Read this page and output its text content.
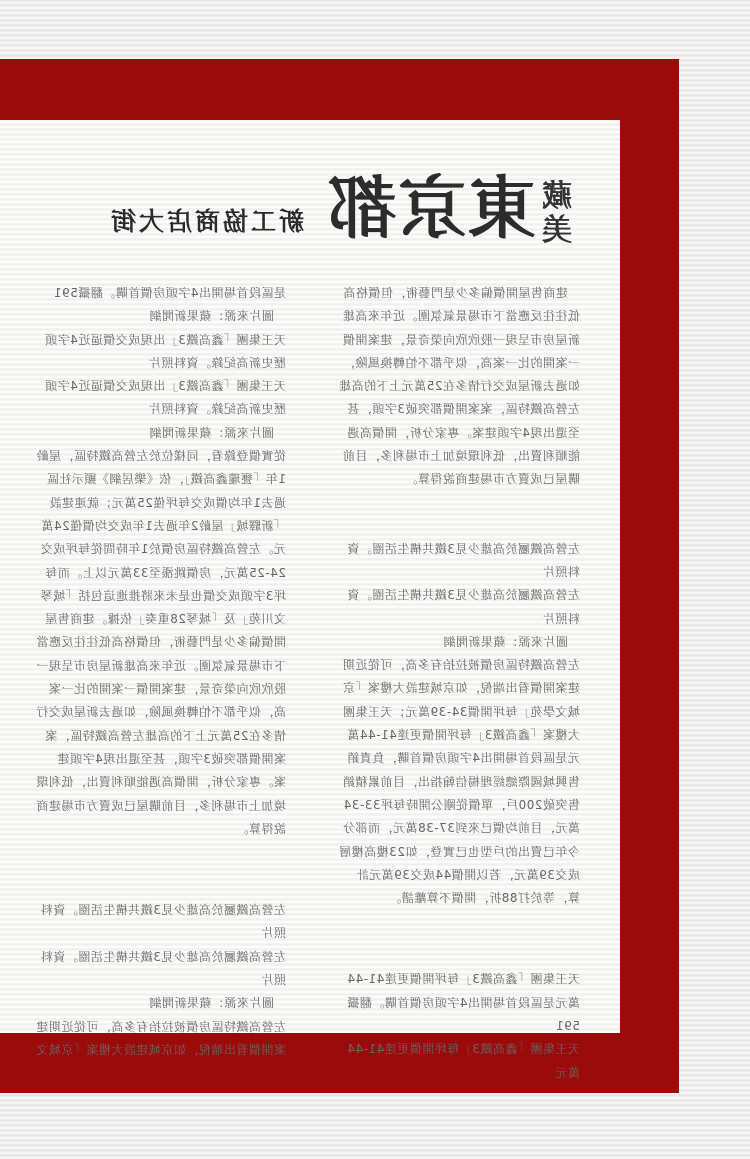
藏
美
東京都
新工協商店大街

建商售屋開價偏多少是門藝術，但價格高低往往反應當下市場景氣氛圍。近年來高雄新屋房市呈現一股欣欣向榮奇景，建案開價一案開的比一案高，似乎都不怕轉換風險，如過去新屋成交行情多在25萬元上下的高雄左營高鐵特區，案案開價都突破3字頭，甚至還出現4字頭建案。專家分析，開價高遇能順利賣出，低利環境加上市場利多，目前購屋已成賣方市場建商說得算。

左營高鐵屬於高雄少見3鐵共構生活圈。資料照片

左營高鐵屬於高雄少見3鐵共構生活圈。資料照片

圖片來源：蘋果新聞網

左營高鐵特區房價被拉抬有多高，可從近期建案開價看出端倪，如京城建設大樓案「京城文學苑」每坪開價34-39萬元；天王集團大樓案「鑫高鐵3」每坪開價更達41-44萬元是區段首場開出4字頭房價首購，負責銷售興城國際總經理楊信翰指出，目前累積銷售突破200戶，單價從剛公開時每坪33-34萬元，目前均價已來到37-38萬元，而部分今年已賣出的戶型也已實登，如23樓高樓層成交39萬元，若以開價44成交39萬元計算，等於打88折，開價不算離譜。

天王集團「鑫高鐵3」每坪開價更達41-44萬元是區段首場開出4字頭房價首購。翻攝591

天王集團「鑫高鐵3」每坪開價更達41-44萬元

是區段首場開出4字頭房價首購。翻攝591

圖片來源：蘋果新聞網

天王集團「鑫高鐵3」出現成交價逼近4字頭歷史新高紀錄。資料照片

天王集團「鑫高鐵3」出現成交價逼近4字頭歷史新高紀錄。資料照片

圖片來源：蘋果新聞網

從實價登錄看，同樣位於左營高鐵特區，屋齡1年「甕瓏鑫高鐵」，依《樂居網》顯示社區過去1年均價成交每坪僅25萬元；就連建設「新驛城」屋齡2年過去1年成交均價僅24萬元。左營高鐵特區房價於1年時間從每坪成交24-25萬元，房價跳漲至33萬元以上。而每坪3字頭成交價也是未來將推進這包括「城琴文川苑」及「城琴28重奏」依據。建商售屋開價偏多少是門藝術，但價格高低往往反應當下市場景氣氛圍。近年來高雄新屋房市呈現一股欣欣向榮奇景，建案開價一案開的比一案高，似乎都不怕轉換風險，如過去新屋成交行情多在25萬元上下的高雄左營高鐵特區，案案開價都突破3字頭，甚至還出現4字頭建案。專家分析，開價高遇能順利賣出，低利環境加上市場利多，目前購屋已成賣方市場建商說得算。

左營高鐵屬於高雄少見3鐵共構生活圈。資料照片

左營高鐵屬於高雄少見3鐵共構生活圈。資料照片

圖片來源：蘋果新聞網

左營高鐵特區房價被拉抬有多高，可從近期建案開價看出端倪，如京城建設大樓案「京城文
